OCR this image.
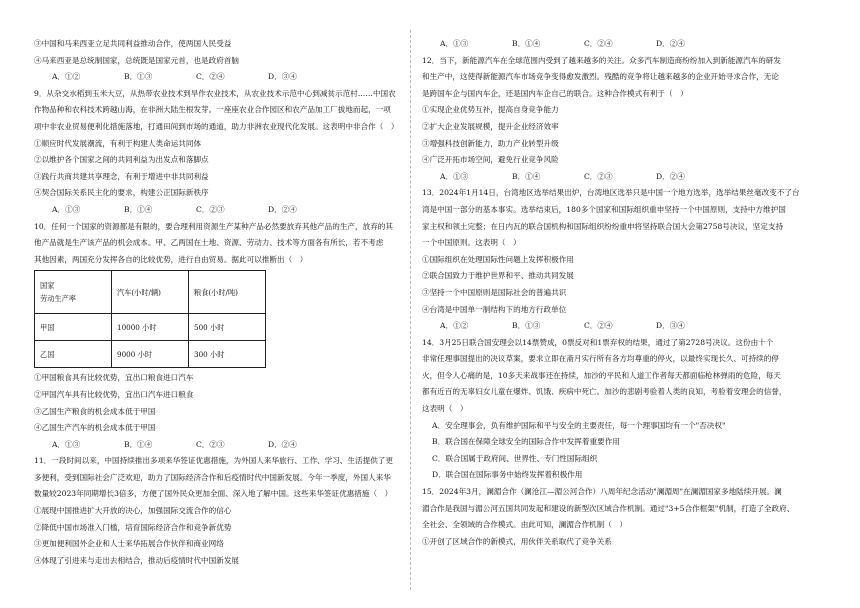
③中国和马来西亚立足共同利益推动合作，使两国人民受益

④马来西亚是总统制国家，总统既是国家元首，也是政府首脑

A．①②	B．①③	C．②④	D．③④

9．从杂交水稻到玉米大豆，从热带农业技术到旱作农业技术，从农业技术示范中心到减贫示范村……中国农

作物品种和农科技术跨越山海，在非洲大陆生根发芽。一座座农业合作园区和农产品加工厂拔地而起，一项

项中非农业贸易便利化措施落地，打通田间到市场的通道，助力非洲农业现代化发展。这表明中非合作（　）

①顺应时代发展潮流，有利于构建人类命运共同体

②以维护各个国家之间的共同利益为出发点和落脚点

③践行共商共建共享理念，有利于增进中非共同利益

④契合国际关系民主化的要求，构建公正国际新秩序

A．①③	B．①④	C．②③	D．②④

10．任何一个国家的资源都是有限的，要合理利用资源生产某种产品必然要放弃其他产品的生产，放弃的其

他产品就是生产该产品的机会成本。甲、乙两国在土地、资源、劳动力、技术等方面各有所长，若不考虑

其他因素，两国充分发挥各自的比较优势，进行自由贸易。据此可以推断出（　）

国家
劳动生产率	汽车(小时/辆)	粮食(小时/吨)
甲国	10000 小时	500 小时
乙国	9000 小时	300 小时

①甲国粮食具有比较优势，宜出口粮食进口汽车

②甲国汽车具有比较优势，宜出口汽车进口粮食

③乙国生产粮食的机会成本低于甲国

④乙国生产汽车的机会成本低于甲国

A．①③	B．①④	C．②③	D．②④

11．一段时间以来，中国持续推出多项来华签证优惠措施，为外国人来华旅行、工作、学习、生活提供了更

多便利，受到国际社会广泛欢迎，助力了国际经济合作和后疫情时代中国新发展。今年一季度，外国人来华

数量较2023年同期增长3倍多，方便了国外民众更加全面、深入地了解中国。这些来华签证优惠措施（　）

①展现中国推进扩大开放的决心，加强国际交流合作的信心

②降低中国市场准入门槛，培育国际经济合作和竞争新优势

③更加便利国外企业和人士来华拓展合作伙伴和商业网络

④体现了引进来与走出去相结合，推动后疫情时代中国新发展

A．①③	B．①④	C．②④	D．②④

12．当下，新能源汽车在全球范围内受到了越来越多的关注。众多汽车制造商纷纷加入到新能源汽车的研发

和生产中，这使得新能源汽车市场竞争变得愈发激烈。残酷的竞争将让越来越多的企业开始寻求合作，无论

是跨国车企与国内车企，还是国内车企自己的联合。这种合作模式有利于（　）

①实现企业优势互补，提高自身竞争能力

②扩大企业发展规模，提升企业经济效率

③增强科技创新能力，助力产业转型升级

④广泛开拓市场空间，避免行业竞争风险

A．①③	B．①④	C．②③	D．②④

13．2024年1月14日，台湾地区选举结果出炉，台湾地区选举只是中国一个地方选举，选举结果丝毫改变不了台

湾是中国一部分的基本事实。选举结束后，180多个国家和国际组织重申坚持一个中国原则，支持中方维护国

家主权和领土完整；在日内瓦的联合国机构和国际组织纷纷重申将坚持联合国大会第2758号决议，坚定支持

一个中国原则。这表明（　）

①国际组织在处理国际性问题上发挥积极作用

②联合国致力于维护世界和平、推动共同发展

③坚持一个中国原则是国际社会的普遍共识

④台湾是中国单一制结构下的地方行政单位

A．①②	B．①③	C．②④	D．③④

14．3月25日联合国安理会以14票赞成，0票反对和1票弃权的结果，通过了第2728号决议。这份由十个

非常任理事国提出的决议草案，要求立即在斋月实行所有各方均尊重的停火，以最终实现长久、可持续的停

火，但令人心痛的是，10多天来战事还在持续，加沙的平民和人道工作者每天都面临枪林弹雨的危险，每天

都有近百的无辜妇女儿童在爆炸、饥饿、疾病中死亡。加沙的悲剧考验着人类的良知，考验着安理会的信誉，

这表明（　）

A．安全理事会，负有维护国际和平与安全的主要责任，每一个理事国均有一个"否决权"

B．联合国在保障全球安全的国际合作中发挥着重要作用

C．联合国属于政府间、世界性、专门性国际组织

D．联合国在国际事务中始终发挥着积极作用

15．2024年3月，澜湄合作（澜沧江—湄公河合作）八周年纪念活动"澜湄周"在澜湄国家多地陆续开展。澜

湄合作是我国与湄公河五国共同发起和建设的新型次区域合作机制。通过"3+5合作框架"机制，打造了全政府、

全社会、全领域的合作模式。由此可知，澜湄合作机制（　）

①开创了区域合作的新模式，用伙伴关系取代了竞争关系
